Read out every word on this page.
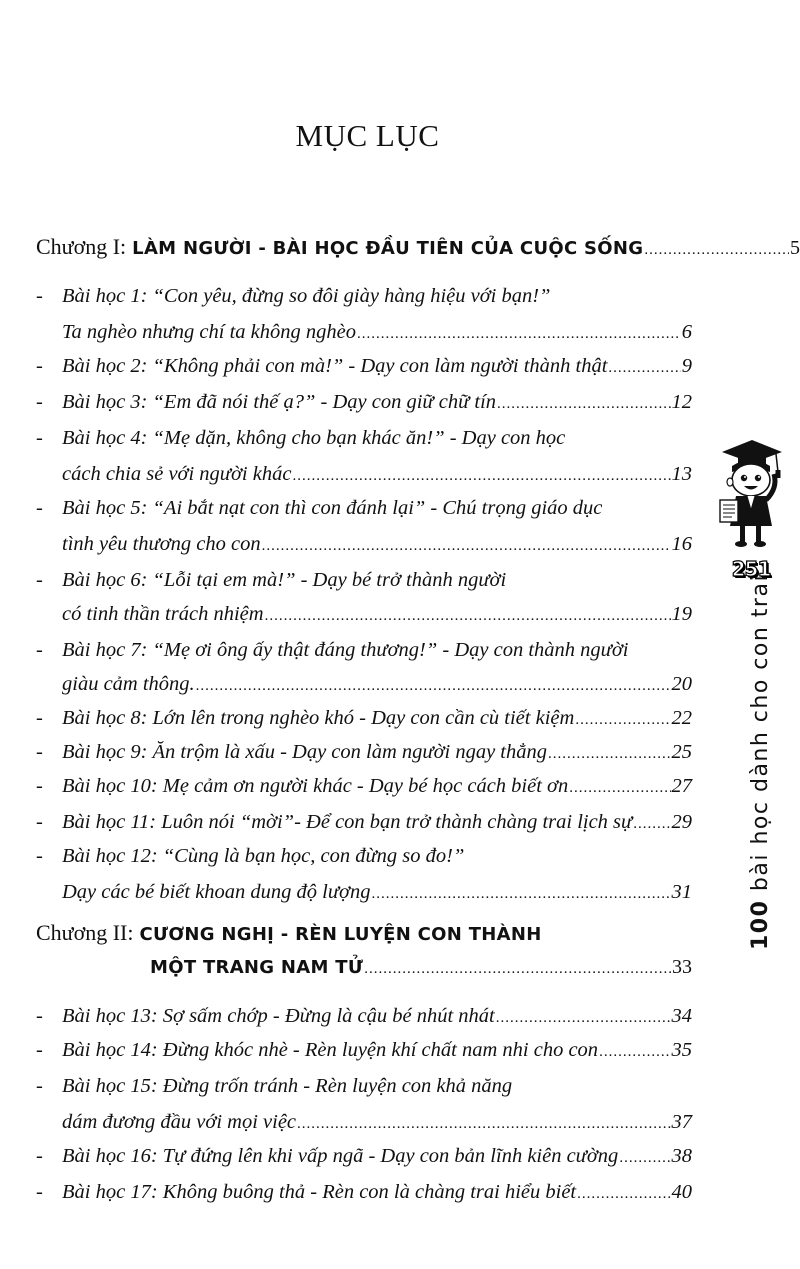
MỤC LỤC
Chương I: LÀM NGƯỜI - BÀI HỌC ĐẦU TIÊN CỦA CUỘC SỐNG .....	5
- Bài học 1: “Con yêu, đừng so đôi giày hàng hiệu với bạn!”
Ta nghèo nhưng chí ta không nghèo .....	6
- Bài học 2: “Không phải con mà!” - Dạy con làm người thành thật .....	9
- Bài học 3: “Em đã nói thế ạ?” - Dạy con giữ chữ tín .....	12
- Bài học 4: “Mẹ dặn, không cho bạn khác ăn!” - Dạy con học
cách chia sẻ với người khác .....	13
- Bài học 5: “Ai bắt nạt con thì con đánh lại” - Chú trọng giáo dục
tình yêu thương cho con .....	16
- Bài học 6: “Lỗi tại em mà!” - Dạy bé trở thành người
có tinh thần trách nhiệm .....	19
- Bài học 7: “Mẹ ơi ông ấy thật đáng thương!” - Dạy con thành người
giàu cảm thông. .....	20
- Bài học 8: Lớn lên trong nghèo khó - Dạy con cần cù tiết kiệm .....	22
- Bài học 9: Ăn trộm là xấu - Dạy con làm người ngay thẳng .....	25
- Bài học 10: Mẹ cảm ơn người khác - Dạy bé học cách biết ơn .....	27
- Bài học 11: Luôn nói “mời”- Để con bạn trở thành chàng trai lịch sự ..... 29
- Bài học 12: “Cùng là bạn học, con đừng so đo!”
Dạy các bé biết khoan dung độ lượng .....	31
Chương II: CƯƠNG NGHỊ - RÈN LUYỆN CON THÀNH
MỘT TRANG NAM TỬ .....	33
- Bài học 13: Sợ sấm chớp - Đừng là cậu bé nhút nhát .....	34
- Bài học 14: Đừng khóc nhè - Rèn luyện khí chất nam nhi cho con .....	35
- Bài học 15: Đừng trốn tránh - Rèn luyện con khả năng
dám đương đầu với mọi việc .....	37
- Bài học 16: Tự đứng lên khi vấp ngã - Dạy con bản lĩnh kiên cường .....	38
- Bài học 17: Không buông thả - Rèn con là chàng trai hiểu biết .....	40
251
100 bài học dành cho con trai
